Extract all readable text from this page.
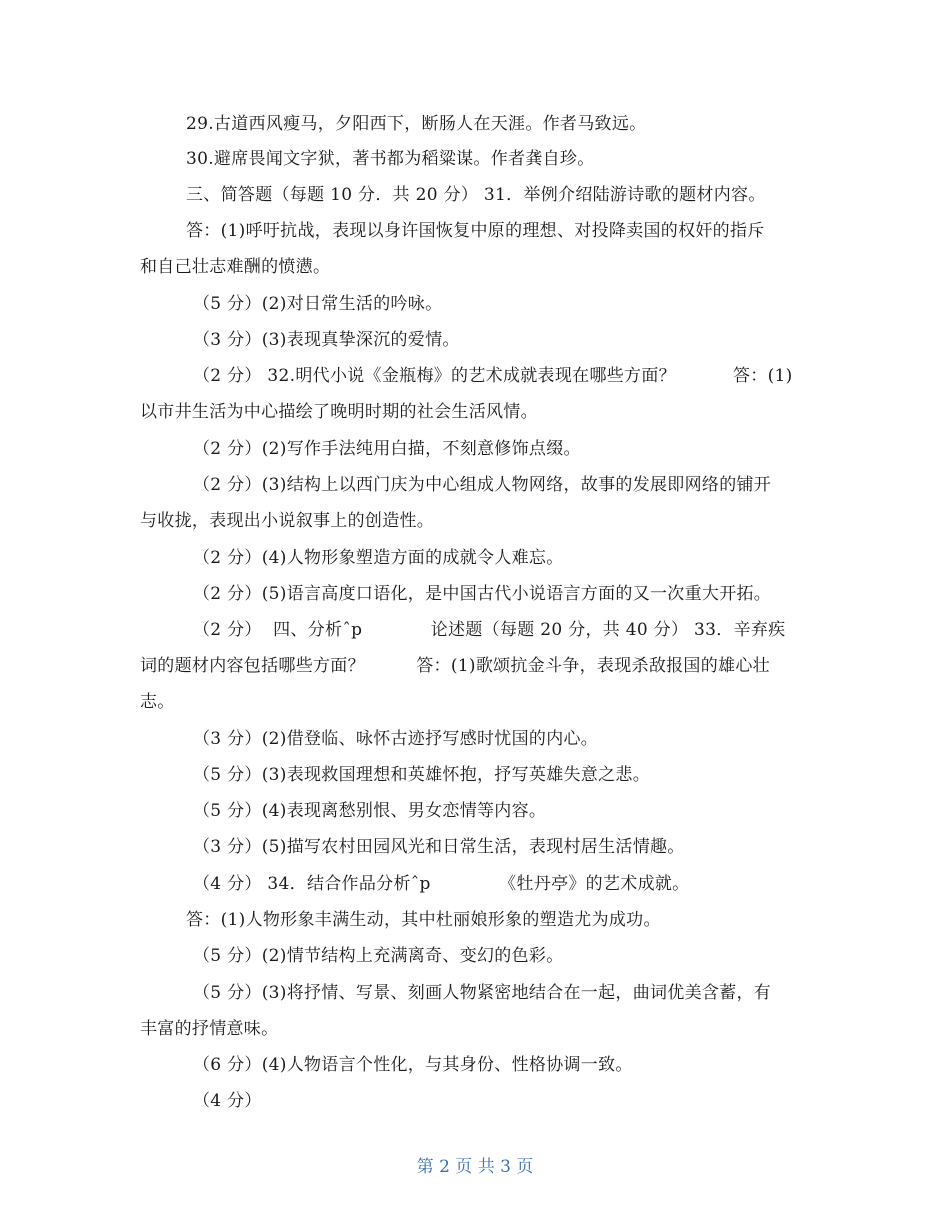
29.古道西风瘦马，夕阳西下，断肠人在天涯。作者马致远。
30.避席畏闻文字狱，著书都为稻粱谋。作者龚自珍。
三、简答题（每题 10 分．共 20 分） 31．举例介绍陆游诗歌的题材内容。
答：(1)呼吁抗战，表现以身许国恢复中原的理想、对投降卖国的权奸的指斥
和自己壮志难酬的愤懑。
（5 分）(2)对日常生活的吟咏。
（3 分）(3)表现真挚深沉的爱情。
（2 分） 32.明代小说《金瓶梅》的艺术成就表现在哪些方面？          答：(1)
以市井生活为中心描绘了晚明时期的社会生活风情。
（2 分）(2)写作手法纯用白描，不刻意修饰点缀。
（2 分）(3)结构上以西门庆为中心组成人物网络，故事的发展即网络的铺开
与收拢，表现出小说叙事上的创造性。
（2 分）(4)人物形象塑造方面的成就令人难忘。
（2 分）(5)语言高度口语化，是中国古代小说语言方面的又一次重大开拓。
（2 分）  四、分析ˆp            论述题（每题 20 分，共 40 分） 33．辛弃疾
词的题材内容包括哪些方面？         答：(1)歌颂抗金斗争，表现杀敌报国的雄心壮
志。
（3 分）(2)借登临、咏怀古迹抒写感时忧国的内心。
（5 分）(3)表现救国理想和英雄怀抱，抒写英雄失意之悲。
（5 分）(4)表现离愁别恨、男女恋情等内容。
（3 分）(5)描写农村田园风光和日常生活，表现村居生活情趣。
（4 分） 34．结合作品分析ˆp            《牡丹亭》的艺术成就。
答：(1)人物形象丰满生动，其中杜丽娘形象的塑造尤为成功。
（5 分）(2)情节结构上充满离奇、变幻的色彩。
（5 分）(3)将抒情、写景、刻画人物紧密地结合在一起，曲词优美含蓄，有
丰富的抒情意味。
（6 分）(4)人物语言个性化，与其身份、性格协调一致。
（4 分）
第 2 页 共 3 页
